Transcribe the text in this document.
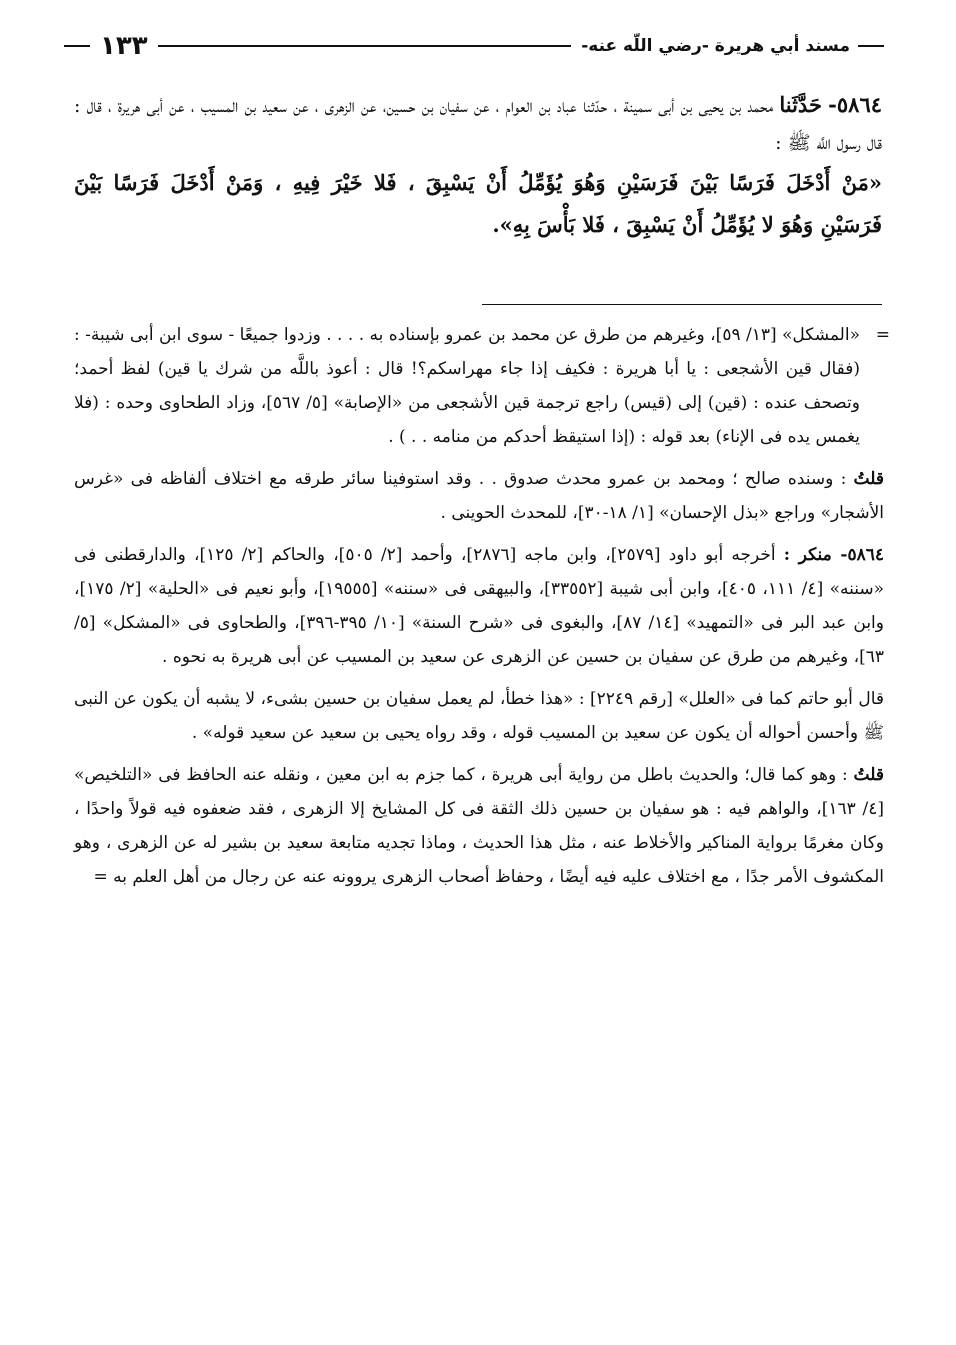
مسند أبي هريرة -رضي اللّه عنه-
١٣٣
٥٨٦٤- حَدَّثَنا محمد بن يحيى بن أبى سمينة ، حدّثنا عباد بن العوام ، عن سفيان بن حسين، عن الزهرى ، عن سعيد بن المسيب ، عن أبى هريرة ، قال : قال رسول اللَّه ﷺ :
«مَنْ أَدْخَلَ فَرَسًا بَيْنَ فَرَسَيْنِ وَهُوَ يُؤَمِّلُ أَنْ يَسْبِقَ ، فَلا خَيْرَ فِيهِ ، وَمَنْ أَدْخَلَ فَرَسًا بَيْنَ فَرَسَيْنِ وَهُوَ لا يُؤَمِّلُ أَنْ يَسْبِقَ ، فَلا بَأْسَ بِهِ».

=
«المشكل» [١٣/ ٥٩]، وغيرهم من طرق عن محمد بن عمرو بإسناده به . . . . وزدوا جميعًا - سوى ابن أبى شيبة- : (فقال قين الأشجعى : يا أبا هريرة : فكيف إذا جاء مهراسكم؟! قال : أعوذ باللَّه من شرك يا قين) لفظ أحمد؛ وتصحف عنده : (قين) إلى (قيس) راجع ترجمة قين الأشجعى من «الإصابة» [٥/ ٥٦٧]، وزاد الطحاوى وحده : (فلا يغمس يده فى الإناء) بعد قوله : (إذا استيقظ أحدكم من منامه . . ) .

قلتُ : وسنده صالح ؛ ومحمد بن عمرو محدث صدوق . . وقد استوفينا سائر طرقه مع اختلاف ألفاظه فى «غرس الأشجار» وراجع «بذل الإحسان» [١/ ١٨-٣٠]، للمحدث الحوينى .

٥٨٦٤- منكر : أخرجه أبو داود [٢٥٧٩]، وابن ماجه [٢٨٧٦]، وأحمد [٢/ ٥٠٥]، والحاكم [٢/ ١٢٥]، والدارقطنى فى «سننه» [٤/ ١١١، ٤٠٥]، وابن أبى شيبة [٣٣٥٥٢]، والبيهقى فى «سننه» [١٩٥٥٥]، وأبو نعيم فى «الحلية» [٢/ ١٧٥]، وابن عبد البر فى «التمهيد» [١٤/ ٨٧]، والبغوى فى «شرح السنة» [١٠/ ٣٩٥-٣٩٦]، والطحاوى فى «المشكل» [٥/ ٦٣]، وغيرهم من طرق عن سفيان بن حسين عن الزهرى عن سعيد بن المسيب عن أبى هريرة به نحوه .

قال أبو حاتم كما فى «العلل» [رقم ٢٢٤٩] : «هذا خطأ، لم يعمل سفيان بن حسين بشىء، لا يشبه أن يكون عن النبى ﷺ وأحسن أحواله أن يكون عن سعيد بن المسيب قوله ، وقد رواه يحيى بن سعيد عن سعيد قوله» .

قلتُ : وهو كما قال؛ والحديث باطل من رواية أبى هريرة ، كما جزم به ابن معين ، ونقله عنه الحافظ فى «التلخيص» [٤/ ١٦٣]، والواهم فيه : هو سفيان بن حسين ذلك الثقة فى كل المشايخ إلا الزهرى ، فقد ضعفوه فيه قولاً واحدًا ، وكان مغرمًا برواية المناكير والأخلاط عنه ، مثل هذا الحديث ، وماذا تجديه متابعة سعيد بن بشير له عن الزهرى ، وهو المكشوف الأمر جدًا ، مع اختلاف عليه فيه أيضًا ، وحفاظ أصحاب الزهرى يروونه عنه عن رجال من أهل العلم به =
